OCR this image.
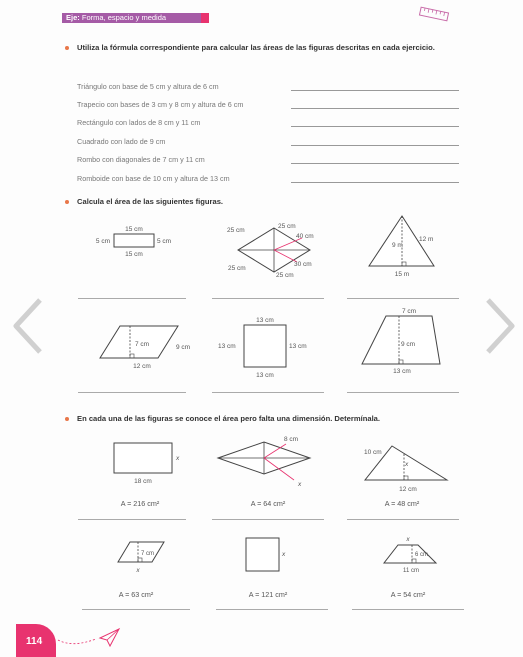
Eje: Forma, espacio y medida
Utiliza la fórmula correspondiente para calcular las áreas de las figuras descritas en cada ejercicio.
Triángulo con base de 5 cm y altura de 6 cm
Trapecio con bases de 3 cm y 8 cm y altura de 6 cm
Rectángulo con lados de 8 cm y 11 cm
Cuadrado con lado de 9 cm
Rombo con diagonales de 7 cm y 11 cm
Romboide con base de 10 cm y altura de 13 cm
Calcula el área de las siguientes figuras.
15 cm
15 cm
5 cm	5 cm
25 cm
25 cm
40 cm
30 cm
25 cm
25 cm
9 m
12 m
15 m
7 cm	9 cm
12 cm
13 cm
13 cm	13 cm
13 cm
7 cm
9 cm
13 cm
En cada una de las figuras se conoce el área pero falta una dimensión. Determínala.
x
18 cm
A = 216 cm²
8 cm
x
A = 64 cm²
10 cm
x
12 cm
A = 48 cm²
7 cm
x
A = 63 cm²
x
A = 121 cm²
x
6 cm
11 cm
A = 54 cm²
114
